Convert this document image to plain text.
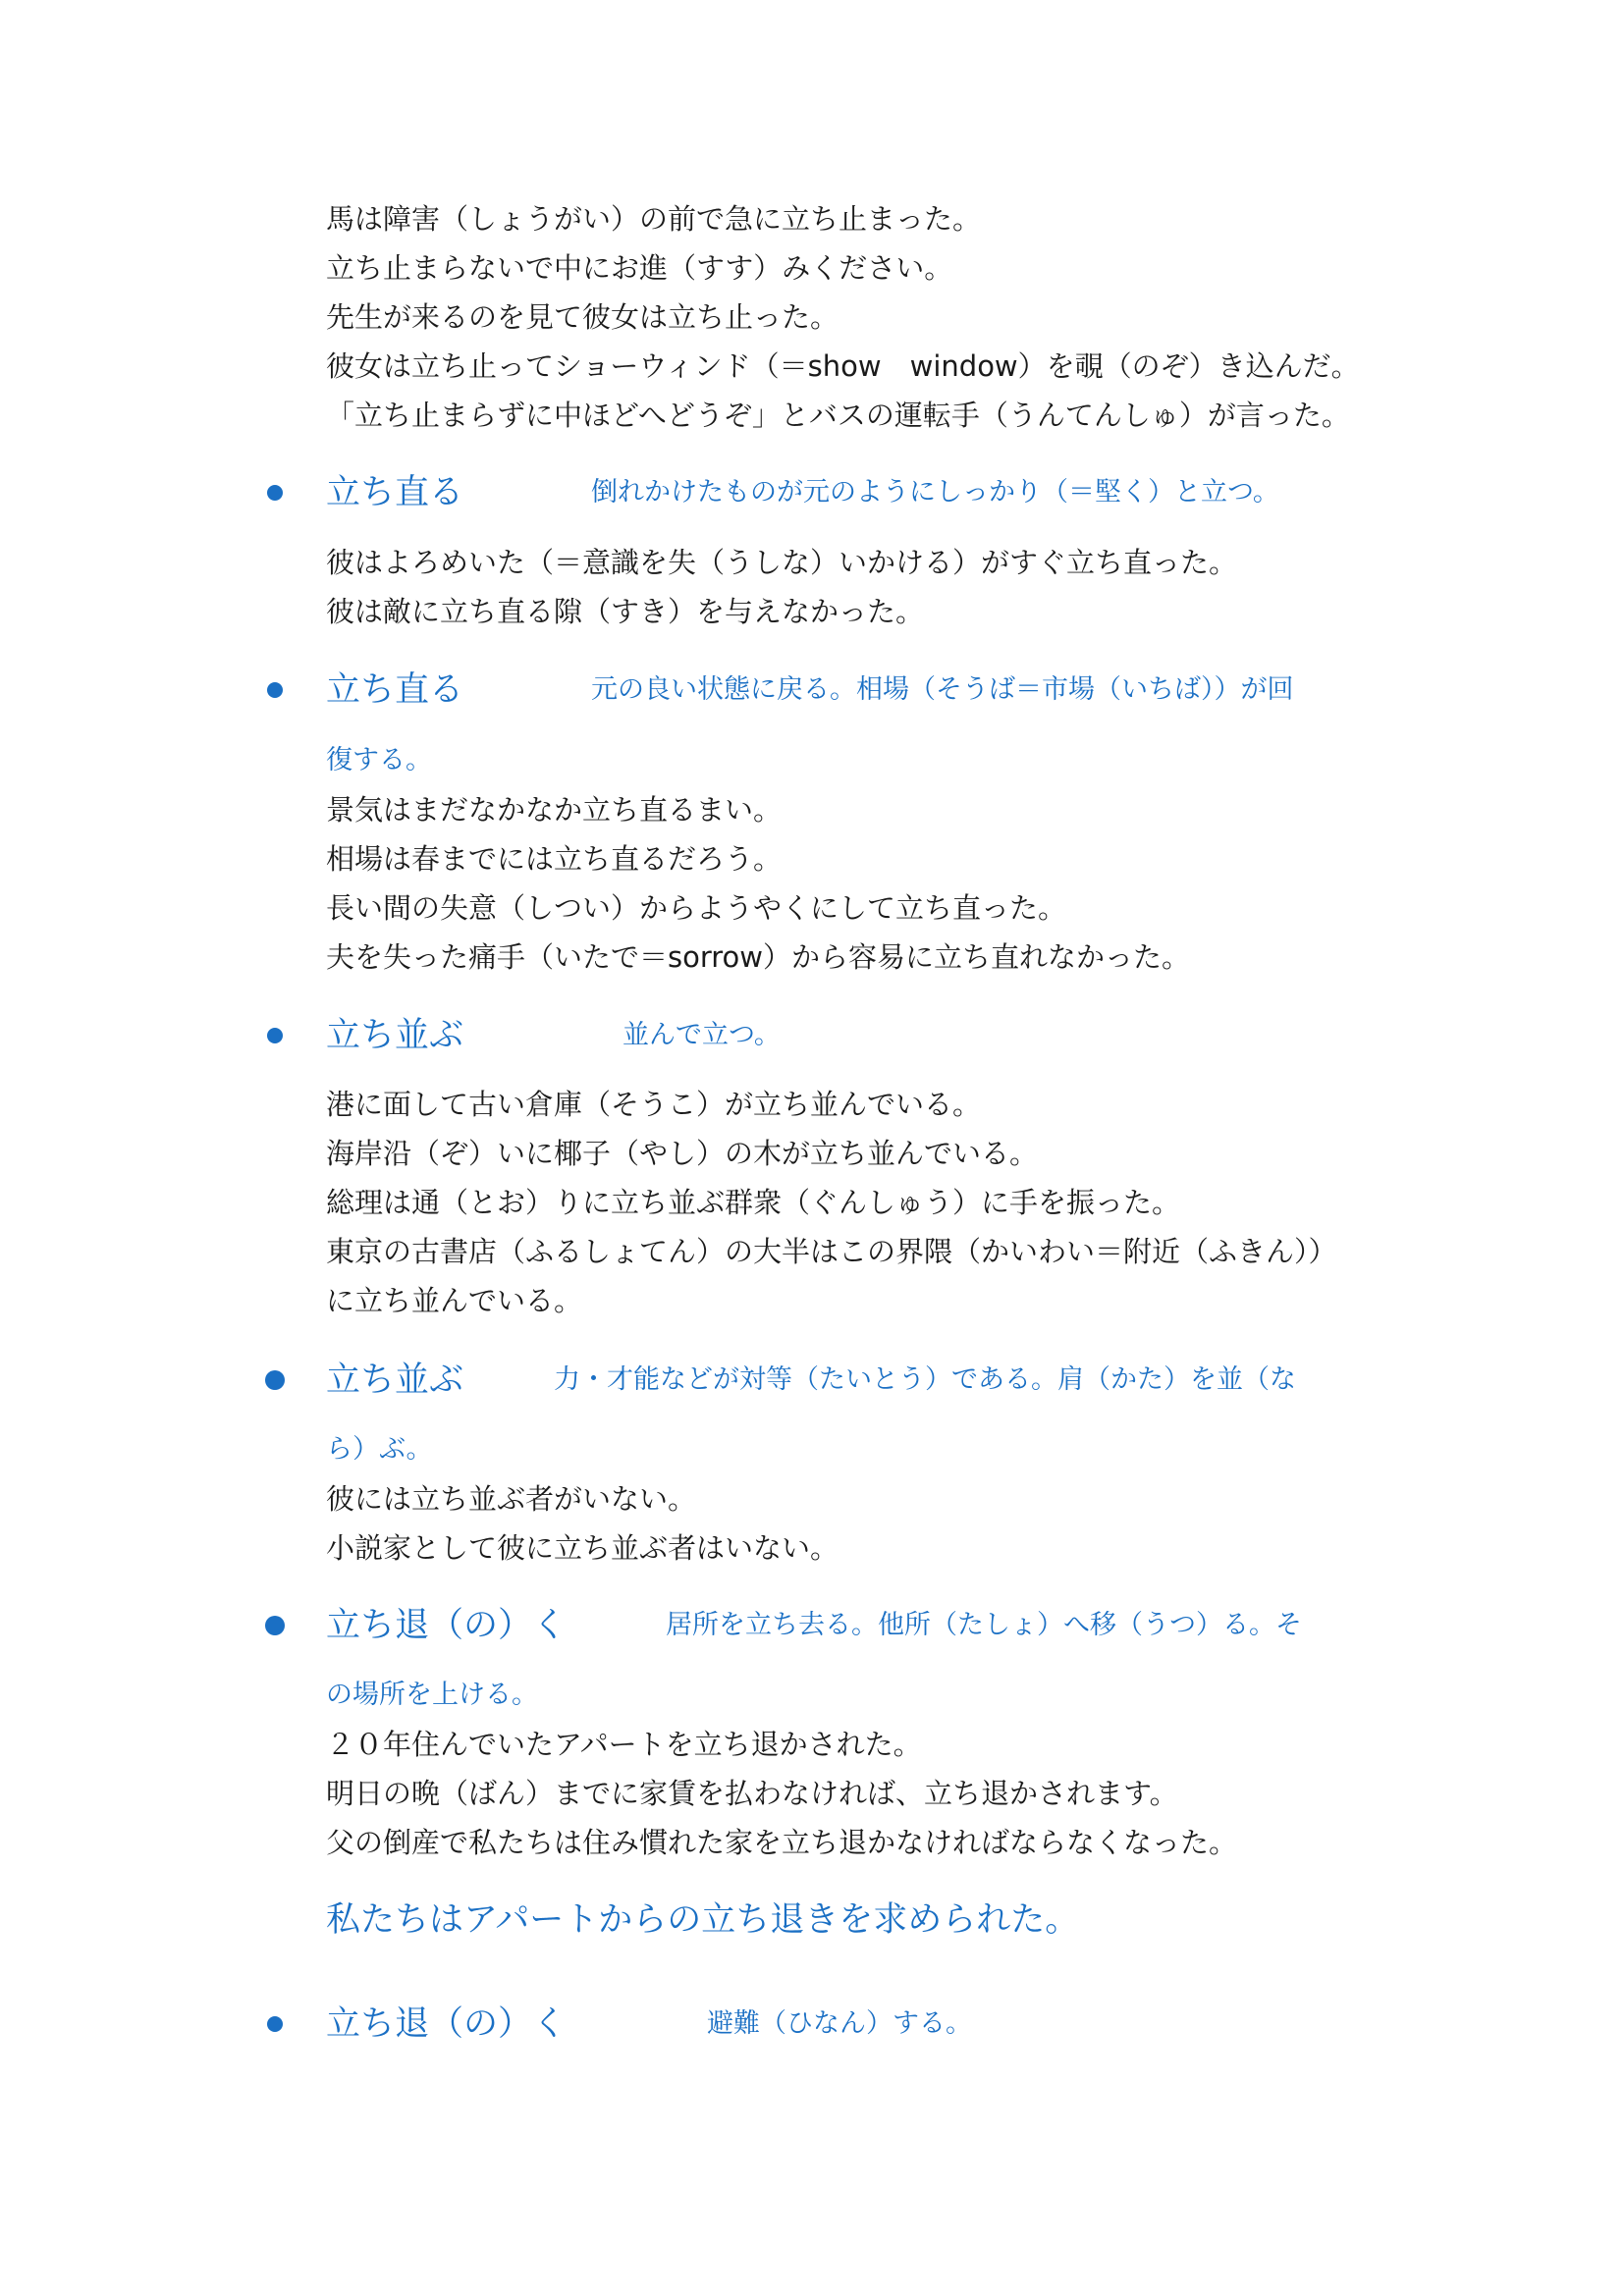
馬は障害（しょうがい）の前で急に立ち止まった。
立ち止まらないで中にお進（すす）みください。
先生が来るのを見て彼女は立ち止った。
彼女は立ち止ってショーウィンド（＝show　window）を覗（のぞ）き込んだ。
「立ち止まらずに中ほどへどうぞ」とバスの運転手（うんてんしゅ）が言った。
立ち直る	倒れかけたものが元のようにしっかり（＝堅く）と立つ。
彼はよろめいた（＝意識を失（うしな）いかける）がすぐ立ち直った。
彼は敵に立ち直る隙（すき）を与えなかった。
立ち直る	元の良い状態に戻る。相場（そうば＝市場（いちば））が回
復する。
景気はまだなかなか立ち直るまい。
相場は春までには立ち直るだろう。
長い間の失意（しつい）からようやくにして立ち直った。
夫を失った痛手（いたで＝sorrow）から容易に立ち直れなかった。
立ち並ぶ	並んで立つ。
港に面して古い倉庫（そうこ）が立ち並んでいる。
海岸沿（ぞ）いに椰子（やし）の木が立ち並んでいる。
総理は通（とお）りに立ち並ぶ群衆（ぐんしゅう）に手を振った。
東京の古書店（ふるしょてん）の大半はこの界隈（かいわい＝附近（ふきん））
に立ち並んでいる。
立ち並ぶ	力・才能などが対等（たいとう）である。肩（かた）を並（な
ら）ぶ。
彼には立ち並ぶ者がいない。
小説家として彼に立ち並ぶ者はいない。
立ち退（の）く	居所を立ち去る。他所（たしょ）へ移（うつ）る。そ
の場所を上ける。
２０年住んでいたアパートを立ち退かされた。
明日の晩（ばん）までに家賃を払わなければ、立ち退かされます。
父の倒産で私たちは住み慣れた家を立ち退かなければならなくなった。
私たちはアパートからの立ち退きを求められた。
立ち退（の）く	避難（ひなん）する。
